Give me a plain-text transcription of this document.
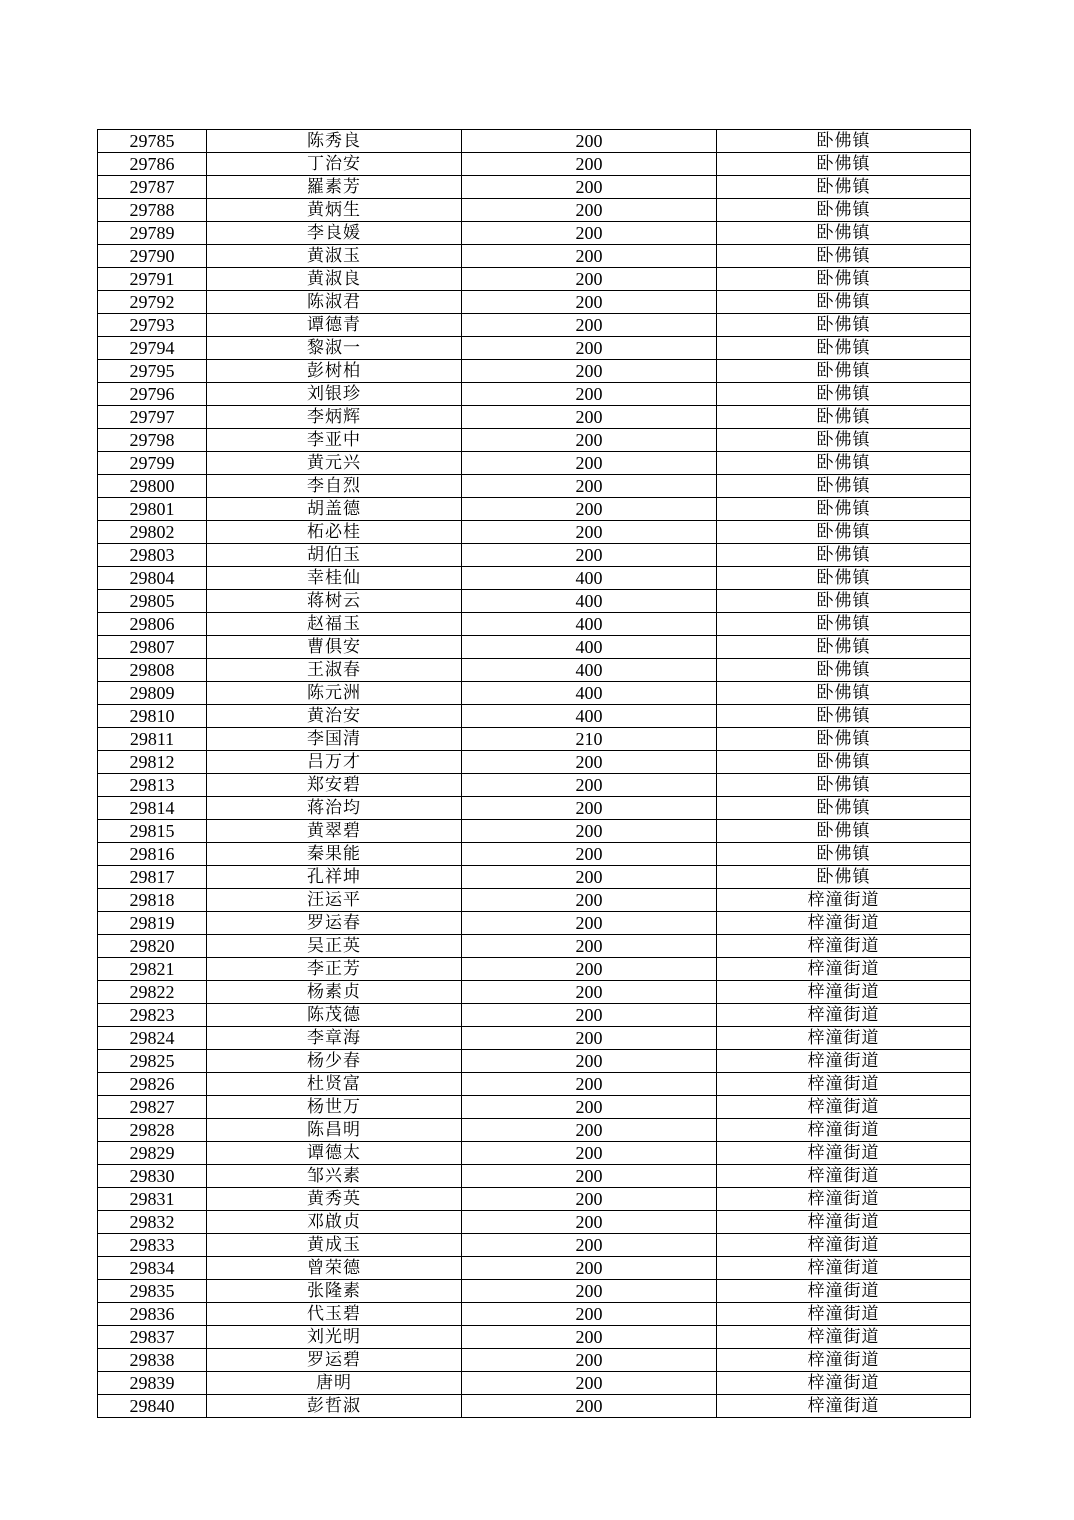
29785	陈秀良	200	卧佛镇
29786	丁治安	200	卧佛镇
29787	羅素芳	200	卧佛镇
29788	黄炳生	200	卧佛镇
29789	李良媛	200	卧佛镇
29790	黄淑玉	200	卧佛镇
29791	黄淑良	200	卧佛镇
29792	陈淑君	200	卧佛镇
29793	谭德青	200	卧佛镇
29794	黎淑一	200	卧佛镇
29795	彭树柏	200	卧佛镇
29796	刘银珍	200	卧佛镇
29797	李炳辉	200	卧佛镇
29798	李亚中	200	卧佛镇
29799	黄元兴	200	卧佛镇
29800	李自烈	200	卧佛镇
29801	胡盖德	200	卧佛镇
29802	柘必桂	200	卧佛镇
29803	胡伯玉	200	卧佛镇
29804	幸桂仙	400	卧佛镇
29805	蒋树云	400	卧佛镇
29806	赵福玉	400	卧佛镇
29807	曹俱安	400	卧佛镇
29808	王淑春	400	卧佛镇
29809	陈元洲	400	卧佛镇
29810	黄治安	400	卧佛镇
29811	李国清	210	卧佛镇
29812	吕万才	200	卧佛镇
29813	郑安碧	200	卧佛镇
29814	蒋治均	200	卧佛镇
29815	黄翠碧	200	卧佛镇
29816	秦果能	200	卧佛镇
29817	孔祥坤	200	卧佛镇
29818	汪运平	200	梓潼街道
29819	罗运春	200	梓潼街道
29820	吴正英	200	梓潼街道
29821	李正芳	200	梓潼街道
29822	杨素贞	200	梓潼街道
29823	陈茂德	200	梓潼街道
29824	李章海	200	梓潼街道
29825	杨少春	200	梓潼街道
29826	杜贤富	200	梓潼街道
29827	杨世万	200	梓潼街道
29828	陈昌明	200	梓潼街道
29829	谭德太	200	梓潼街道
29830	邹兴素	200	梓潼街道
29831	黄秀英	200	梓潼街道
29832	邓啟贞	200	梓潼街道
29833	黄成玉	200	梓潼街道
29834	曾荣德	200	梓潼街道
29835	张隆素	200	梓潼街道
29836	代玉碧	200	梓潼街道
29837	刘光明	200	梓潼街道
29838	罗运碧	200	梓潼街道
29839	唐明	200	梓潼街道
29840	彭哲淑	200	梓潼街道
